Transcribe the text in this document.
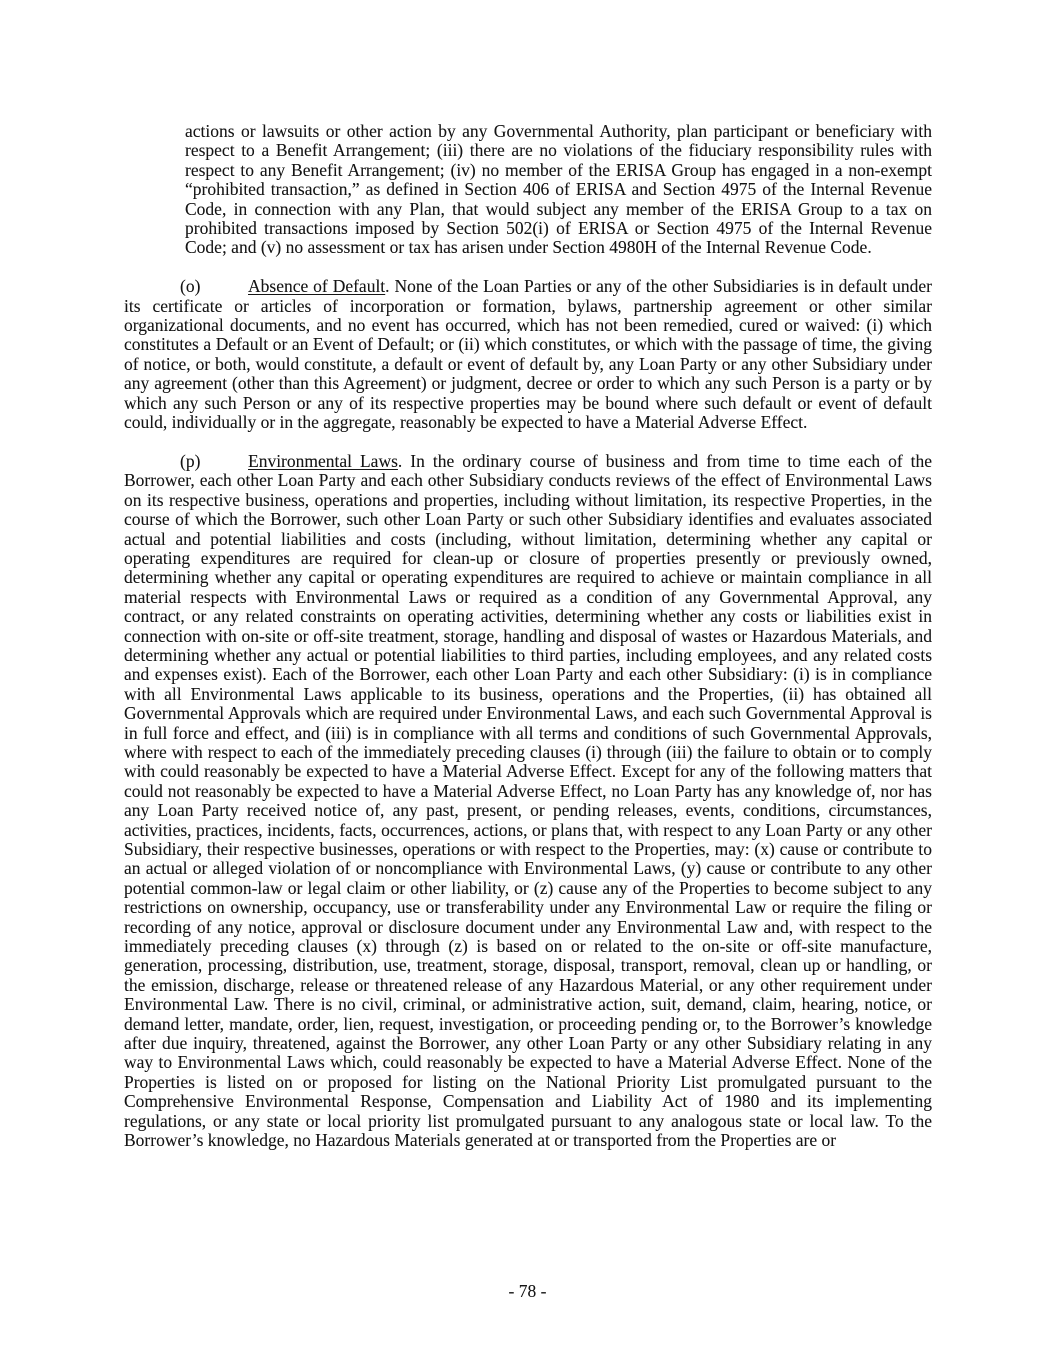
actions or lawsuits or other action by any Governmental Authority, plan participant or beneficiary with respect to a Benefit Arrangement; (iii) there are no violations of the fiduciary responsibility rules with respect to any Benefit Arrangement; (iv) no member of the ERISA Group has engaged in a non-exempt “prohibited transaction,” as defined in Section 406 of ERISA and Section 4975 of the Internal Revenue Code, in connection with any Plan, that would subject any member of the ERISA Group to a tax on prohibited transactions imposed by Section 502(i) of ERISA or Section 4975 of the Internal Revenue Code; and (v) no assessment or tax has arisen under Section 4980H of the Internal Revenue Code.

(o)	Absence of Default. None of the Loan Parties or any of the other Subsidiaries is in default under its certificate or articles of incorporation or formation, bylaws, partnership agreement or other similar organizational documents, and no event has occurred, which has not been remedied, cured or waived: (i) which constitutes a Default or an Event of Default; or (ii) which constitutes, or which with the passage of time, the giving of notice, or both, would constitute, a default or event of default by, any Loan Party or any other Subsidiary under any agreement (other than this Agreement) or judgment, decree or order to which any such Person is a party or by which any such Person or any of its respective properties may be bound where such default or event of default could, individually or in the aggregate, reasonably be expected to have a Material Adverse Effect.

(p)	Environmental Laws. In the ordinary course of business and from time to time each of the Borrower, each other Loan Party and each other Subsidiary conducts reviews of the effect of Environmental Laws on its respective business, operations and properties, including without limitation, its respective Properties, in the course of which the Borrower, such other Loan Party or such other Subsidiary identifies and evaluates associated actual and potential liabilities and costs (including, without limitation, determining whether any capital or operating expenditures are required for clean-up or closure of properties presently or previously owned, determining whether any capital or operating expenditures are required to achieve or maintain compliance in all material respects with Environmental Laws or required as a condition of any Governmental Approval, any contract, or any related constraints on operating activities, determining whether any costs or liabilities exist in connection with on-site or off-site treatment, storage, handling and disposal of wastes or Hazardous Materials, and determining whether any actual or potential liabilities to third parties, including employees, and any related costs and expenses exist). Each of the Borrower, each other Loan Party and each other Subsidiary: (i) is in compliance with all Environmental Laws applicable to its business, operations and the Properties, (ii) has obtained all Governmental Approvals which are required under Environmental Laws, and each such Governmental Approval is in full force and effect, and (iii) is in compliance with all terms and conditions of such Governmental Approvals, where with respect to each of the immediately preceding clauses (i) through (iii) the failure to obtain or to comply with could reasonably be expected to have a Material Adverse Effect. Except for any of the following matters that could not reasonably be expected to have a Material Adverse Effect, no Loan Party has any knowledge of, nor has any Loan Party received notice of, any past, present, or pending releases, events, conditions, circumstances, activities, practices, incidents, facts, occurrences, actions, or plans that, with respect to any Loan Party or any other Subsidiary, their respective businesses, operations or with respect to the Properties, may: (x) cause or contribute to an actual or alleged violation of or noncompliance with Environmental Laws, (y) cause or contribute to any other potential common-law or legal claim or other liability, or (z) cause any of the Properties to become subject to any restrictions on ownership, occupancy, use or transferability under any Environmental Law or require the filing or recording of any notice, approval or disclosure document under any Environmental Law and, with respect to the immediately preceding clauses (x) through (z) is based on or related to the on-site or off-site manufacture, generation, processing, distribution, use, treatment, storage, disposal, transport, removal, clean up or handling, or the emission, discharge, release or threatened release of any Hazardous Material, or any other requirement under Environmental Law. There is no civil, criminal, or administrative action, suit, demand, claim, hearing, notice, or demand letter, mandate, order, lien, request, investigation, or proceeding pending or, to the Borrower’s knowledge after due inquiry, threatened, against the Borrower, any other Loan Party or any other Subsidiary relating in any way to Environmental Laws which, could reasonably be expected to have a Material Adverse Effect. None of the Properties is listed on or proposed for listing on the National Priority List promulgated pursuant to the Comprehensive Environmental Response, Compensation and Liability Act of 1980 and its implementing regulations, or any state or local priority list promulgated pursuant to any analogous state or local law. To the Borrower’s knowledge, no Hazardous Materials generated at or transported from the Properties are or

- 78 -
